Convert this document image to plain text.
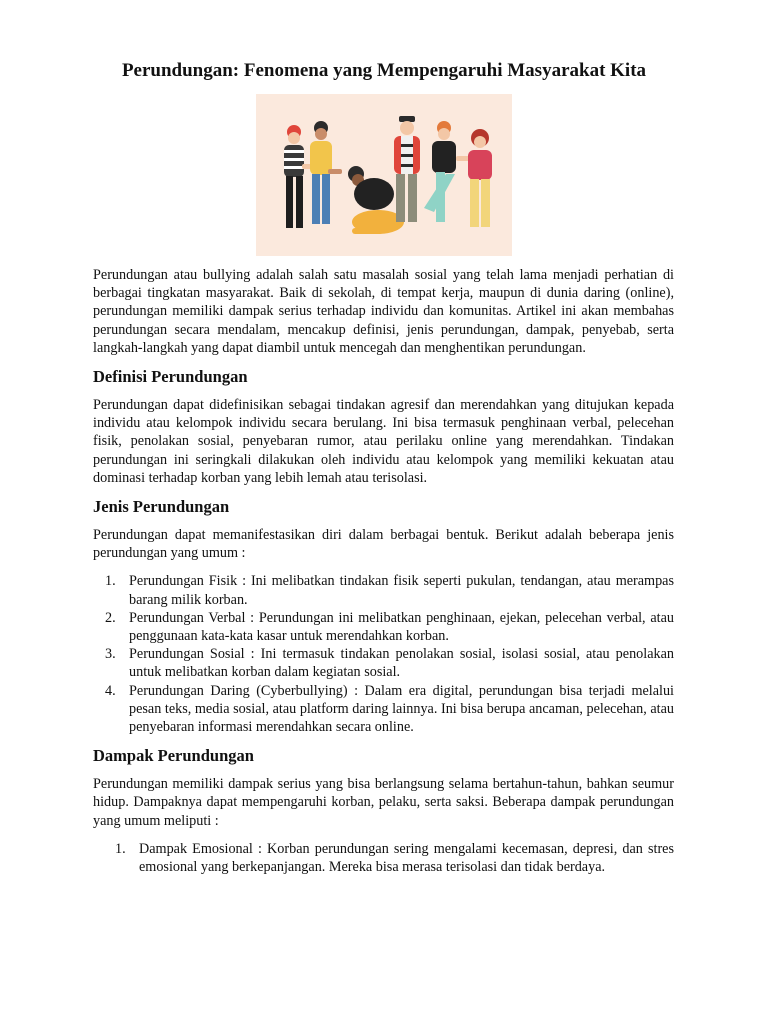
Perundungan: Fenomena yang Mempengaruhi Masyarakat Kita

Perundungan atau bullying adalah salah satu masalah sosial yang telah lama menjadi perhatian di berbagai tingkatan masyarakat. Baik di sekolah, di tempat kerja, maupun di dunia daring (online), perundungan memiliki dampak serius terhadap individu dan komunitas. Artikel ini akan membahas perundungan secara mendalam, mencakup definisi, jenis perundungan, dampak, penyebab, serta langkah-langkah yang dapat diambil untuk mencegah dan menghentikan perundungan.

Definisi Perundungan

Perundungan dapat didefinisikan sebagai tindakan agresif dan merendahkan yang ditujukan kepada individu atau kelompok individu secara berulang. Ini bisa termasuk penghinaan verbal, pelecehan fisik, penolakan sosial, penyebaran rumor, atau perilaku online yang merendahkan. Tindakan perundungan ini seringkali dilakukan oleh individu atau kelompok yang memiliki kekuatan atau dominasi terhadap korban yang lebih lemah atau terisolasi.

Jenis Perundungan

Perundungan dapat memanifestasikan diri dalam berbagai bentuk. Berikut adalah beberapa jenis perundungan yang umum :

1. Perundungan Fisik : Ini melibatkan tindakan fisik seperti pukulan, tendangan, atau merampas barang milik korban.
2. Perundungan Verbal : Perundungan ini melibatkan penghinaan, ejekan, pelecehan verbal, atau penggunaan kata-kata kasar untuk merendahkan korban.
3. Perundungan Sosial : Ini termasuk tindakan penolakan sosial, isolasi sosial, atau penolakan untuk melibatkan korban dalam kegiatan sosial.
4. Perundungan Daring (Cyberbullying) : Dalam era digital, perundungan bisa terjadi melalui pesan teks, media sosial, atau platform daring lainnya. Ini bisa berupa ancaman, pelecehan, atau penyebaran informasi merendahkan secara online.
Dampak Perundungan

Perundungan memiliki dampak serius yang bisa berlangsung selama bertahun-tahun, bahkan seumur hidup. Dampaknya dapat mempengaruhi korban, pelaku, serta saksi. Beberapa dampak perundungan yang umum meliputi :

1. Dampak Emosional : Korban perundungan sering mengalami kecemasan, depresi, dan stres emosional yang berkepanjangan. Mereka bisa merasa terisolasi dan tidak berdaya.
